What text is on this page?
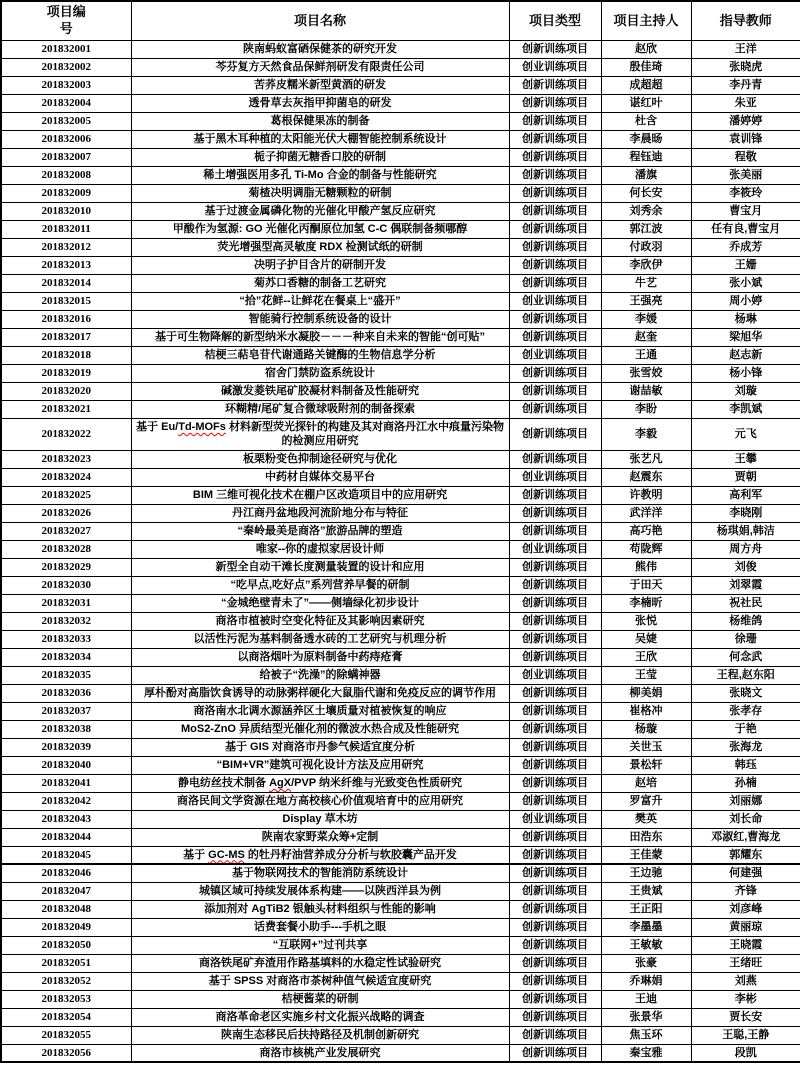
项目编号	项目名称	项目类型	项目主持人	指导教师
201832001	陕南蚂蚁富硒保健茶的研究开发	创新训练项目	赵欣	王洋
201832002	芩芬复方天然食品保鲜剂研发有限责任公司	创业训练项目	殷佳琦	张晓虎
201832003	苦荞皮糯米新型黄酒的研发	创新训练项目	成超超	李丹青
201832004	透骨草去灰指甲抑菌皂的研发	创新训练项目	谌红叶	朱亚
201832005	葛根保健果冻的制备	创新训练项目	杜含	潘婷婷
201832006	基于黑木耳种植的太阳能光伏大棚智能控制系统设计	创新训练项目	李晨旸	袁训锋
201832007	栀子抑菌无糖香口胶的研制	创新训练项目	程钰迪	程敬
201832008	稀土增强医用多孔 Ti-Mo 合金的制备与性能研究	创新训练项目	潘旗	张美丽
201832009	菊楂决明调脂无糖颗粒的研制	创新训练项目	何长安	李筱玲
201832010	基于过渡金属磷化物的光催化甲酸产氢反应研究	创新训练项目	刘秀余	曹宝月
201832011	甲酸作为氢源: GO 光催化丙酮原位加氢 C-C 偶联制备频哪醇	创新训练项目	郭江波	任有良,曹宝月
201832012	荧光增强型高灵敏度 RDX 检测试纸的研制	创新训练项目	付政羽	乔成芳
201832013	决明子护目含片的研制开发	创新训练项目	李欣伊	王姗
201832014	菊苏口香糖的制备工艺研究	创新训练项目	牛艺	张小斌
201832015	“拾”花鲜--让鲜花在餐桌上“盛开”	创业训练项目	王强亮	周小婷
201832016	智能骑行控制系统设备的设计	创新训练项目	李媛	杨琳
201832017	基于可生物降解的新型纳米水凝胶－－－种来自未来的智能“创可贴”	创新训练项目	赵奎	梁旭华
201832018	桔梗三萜皂苷代谢通路关键酶的生物信息学分析	创业训练项目	王通	赵志新
201832019	宿舍门禁防盗系统设计	创新训练项目	张雪姣	杨小锋
201832020	碱激发菱铁尾矿胶凝材料制备及性能研究	创新训练项目	谢喆敏	刘璇
201832021	环糊精/尾矿复合微球吸附剂的制备探索	创新训练项目	李盼	李凯斌
201832022	基于 Eu/Td-MOFs 材料新型荧光探针的构建及其对商洛丹江水中痕量污染物的检测应用研究	创新训练项目	李毅	元飞
201832023	板栗粉变色抑制途径研究与优化	创新训练项目	张艺凡	王攀
201832024	中药材自媒体交易平台	创业训练项目	赵震东	贾朝
201832025	BIM 三维可视化技术在棚户区改造项目中的应用研究	创新训练项目	许教明	高利军
201832026	丹江商丹盆地段河流阶地分布与特征	创新训练项目	武洋洋	李晓刚
201832027	“秦岭最美是商洛”旅游品牌的塑造	创新训练项目	高巧艳	杨琪娟,韩洁
201832028	唯家--你的虚拟家居设计师	创业训练项目	苟陇辉	周方舟
201832029	新型全自动干滩长度测量装置的设计和应用	创新训练项目	熊伟	刘俊
201832030	“吃早点,吃好点”系列营养早餐的研制	创新训练项目	于田天	刘翠霞
201832031	“金城绝壁青未了”——侧墙绿化初步设计	创新训练项目	李楠昕	祝社民
201832032	商洛市植被时空变化特征及其影响因素研究	创新训练项目	张悦	杨维鸽
201832033	以活性污泥为基料制备透水砖的工艺研究与机理分析	创新训练项目	吴婕	徐珊
201832034	以商洛烟叶为原料制备中药痔疮膏	创新训练项目	王欣	何念武
201832035	给被子“洗澡”的除螨神器	创业训练项目	王莹	王程,赵东阳
201832036	厚朴酚对高脂饮食诱导的动脉粥样硬化大鼠脂代谢和免疫反应的调节作用	创新训练项目	柳美娟	张晓文
201832037	商洛南水北调水源涵养区土壤质量对植被恢复的响应	创新训练项目	崔格冲	张孝存
201832038	MoS2-ZnO 异质结型光催化剂的微波水热合成及性能研究	创新训练项目	杨璇	于艳
201832039	基于 GIS 对商洛市丹参气候适宜度分析	创新训练项目	关世玉	张海龙
201832040	“BIM+VR”建筑可视化设计方法及应用研究	创新训练项目	景松轩	韩珏
201832041	静电纺丝技术制备 AgX/PVP 纳米纤维与光致变色性质研究	创新训练项目	赵培	孙楠
201832042	商洛民间文学资源在地方高校核心价值观培育中的应用研究	创新训练项目	罗富升	刘丽娜
201832043	Display 草木坊	创业训练项目	樊英	刘长命
201832044	陕南农家野菜众筹+定制	创新训练项目	田浩东	邓淑红,曹海龙
201832045	基于 GC-MS 的牡丹籽油营养成分分析与软胶囊产品开发	创新训练项目	王佳蒙	郭耀东
201832046	基于物联网技术的智能消防系统设计	创新训练项目	王边驰	何建强
201832047	城镇区域可持续发展体系构建——以陕西洋县为例	创新训练项目	王贵斌	齐锋
201832048	添加剂对 AgTiB2 银触头材料组织与性能的影响	创新训练项目	王正阳	刘彦峰
201832049	话费套餐小助手---手机之眼	创新训练项目	李墨墨	黄丽琼
201832050	“互联网+”过刊共享	创新训练项目	王敏敏	王晓霞
201832051	商洛铁尾矿弃渣用作路基填料的水稳定性试验研究	创新训练项目	张豪	王绪旺
201832052	基于 SPSS 对商洛市茶树种值气候适宜度研究	创新训练项目	乔琳娟	刘燕
201832053	桔梗酱菜的研制	创新训练项目	王迪	李彬
201832054	商洛革命老区实施乡村文化振兴战略的调查	创新训练项目	张景华	贾长安
201832055	陕南生态移民后扶持路径及机制创新研究	创新训练项目	焦玉环	王聪,王静
201832056	商洛市核桃产业发展研究	创新训练项目	秦宝雅	段凯
